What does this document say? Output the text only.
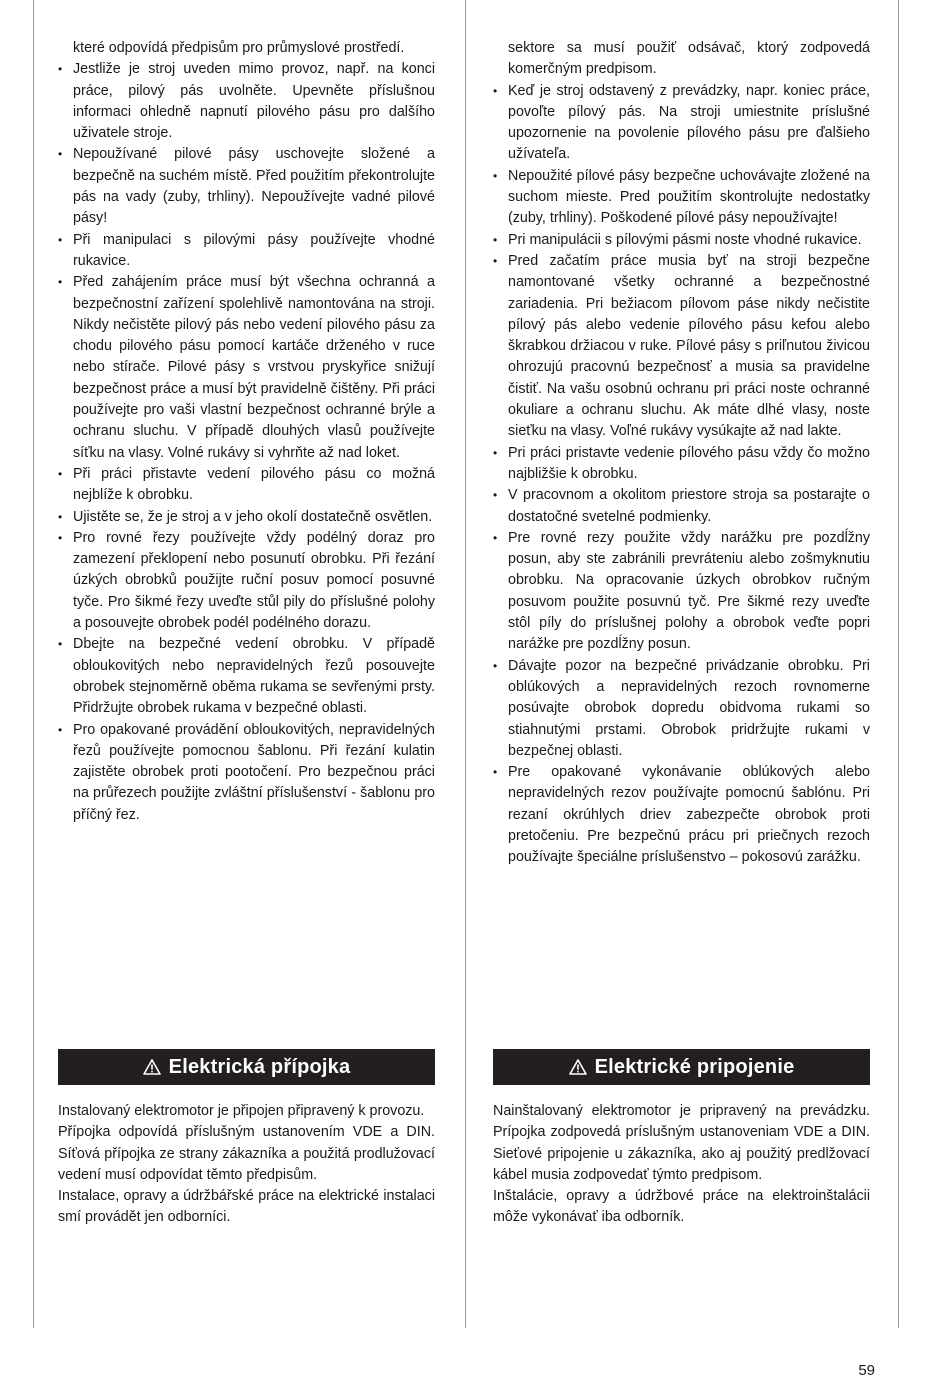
které odpovídá předpisům pro průmyslové prostředí.

• Jestliže je stroj uveden mimo provoz, např. na konci práce, pilový pás uvolněte. Upevněte příslušnou informaci ohledně napnutí pilového pásu pro dalšího uživatele stroje.
• Nepoužívané pilové pásy uschovejte složené a bezpečně na suchém místě. Před použitím překontrolujte pás na vady (zuby, trhliny). Nepoužívejte vadné pilové pásy!
• Při manipulaci s pilovými pásy používejte vhodné rukavice.
• Před zahájením práce musí být všechna ochranná a bezpečnostní zařízení spolehlivě namontována na stroji. Nikdy nečistěte pilový pás nebo vedení pilového pásu za chodu pilového pásu pomocí kartáče drženého v ruce nebo stírače. Pilové pásy s vrstvou pryskyřice snižují bezpečnost práce a musí být pravidelně čištěny. Při práci používejte pro vaši vlastní bezpečnost ochranné brýle a ochranu sluchu. V případě dlouhých vlasů používejte síťku na vlasy. Volné rukávy si vyhrňte až nad loket.
• Při práci přistavte vedení pilového pásu co možná nejblíže k obrobku.
• Ujistěte se, že je stroj a v jeho okolí dostatečně osvětlen.
• Pro rovné řezy používejte vždy podélný doraz pro zamezení překlopení nebo posunutí obrobku. Při řezání úzkých obrobků použijte ruční posuv pomocí posuvné tyče. Pro šikmé řezy uveďte stůl pily do příslušné polohy a posouvejte obrobek podél podélného dorazu.
• Dbejte na bezpečné vedení obrobku. V případě obloukovitých nebo nepravidelných řezů posouvejte obrobek stejnoměrně oběma rukama se sevřenými prsty. Přidržujte obrobek rukama v bezpečné oblasti.
• Pro opakované provádění obloukovitých, nepravidelných řezů používejte pomocnou šablonu. Při řezání kulatin zajistěte obrobek proti pootočení. Pro bezpečnou práci na průřezech použijte zvláštní příslušenství - šablonu pro příčný řez.
Elektrická přípojka

Instalovaný elektromotor je připojen připravený k provozu.

Přípojka odpovídá příslušným ustanovením VDE a DIN. Síťová přípojka ze strany zákazníka a použitá prodlužovací vedení musí odpovídat těmto předpisům.

Instalace, opravy a údržbářské práce na elektrické instalaci smí provádět jen odborníci.

sektore sa musí použiť odsávač, ktorý zodpovedá komerčným predpisom.

• Keď je stroj odstavený z prevádzky, napr. koniec práce, povoľte pílový pás. Na stroji umiestnite príslušné upozornenie na povolenie pílového pásu pre ďalšieho užívateľa.
• Nepoužité pílové pásy bezpečne uchovávajte zložené na suchom mieste. Pred použitím skontrolujte nedostatky (zuby, trhliny). Poškodené pílové pásy nepoužívajte!
• Pri manipulácii s pílovými pásmi noste vhodné rukavice.
• Pred začatím práce musia byť na stroji bezpečne namontované všetky ochranné a bezpečnostné zariadenia. Pri bežiacom pílovom páse nikdy nečistite pílový pás alebo vedenie pílového pásu kefou alebo škrabkou držiacou v ruke. Pílové pásy s priľnutou živicou ohrozujú pracovnú bezpečnosť a musia sa pravidelne čistiť. Na vašu osobnú ochranu pri práci noste ochranné okuliare a ochranu sluchu. Ak máte dlhé vlasy, noste sieťku na vlasy. Voľné rukávy vysúkajte až nad lakte.
• Pri práci pristavte vedenie pílového pásu vždy čo možno najbližšie k obrobku.
• V pracovnom a okolitom priestore stroja sa postarajte o dostatočné svetelné podmienky.
• Pre rovné rezy použite vždy narážku pre pozdĺžny posun, aby ste zabránili prevráteniu alebo zošmyknutiu obrobku. Na opracovanie úzkych obrobkov ručným posuvom použite posuvnú tyč. Pre šikmé rezy uveďte stôl píly do príslušnej polohy a obrobok veďte popri narážke pre pozdĺžny posun.
• Dávajte pozor na bezpečné privádzanie obrobku. Pri oblúkových a nepravidelných rezoch rovnomerne posúvajte obrobok dopredu obidvoma rukami so stiahnutými prstami. Obrobok pridržujte rukami v bezpečnej oblasti.
• Pre opakované vykonávanie oblúkových alebo nepravidelných rezov používajte pomocnú šablónu. Pri rezaní okrúhlych driev zabezpečte obrobok proti pretočeniu. Pre bezpečnú prácu pri priečnych rezoch používajte špeciálne príslušenstvo – pokosovú zarážku.
Elektrické pripojenie

Nainštalovaný elektromotor je pripravený na prevádzku. Prípojka zodpovedá príslušným ustanoveniam VDE a DIN. Sieťové pripojenie u zákazníka, ako aj použitý predlžovací kábel musia zodpovedať týmto predpisom.

Inštalácie, opravy a údržbové práce na elektroinštalácii môže vykonávať iba odborník.

59
